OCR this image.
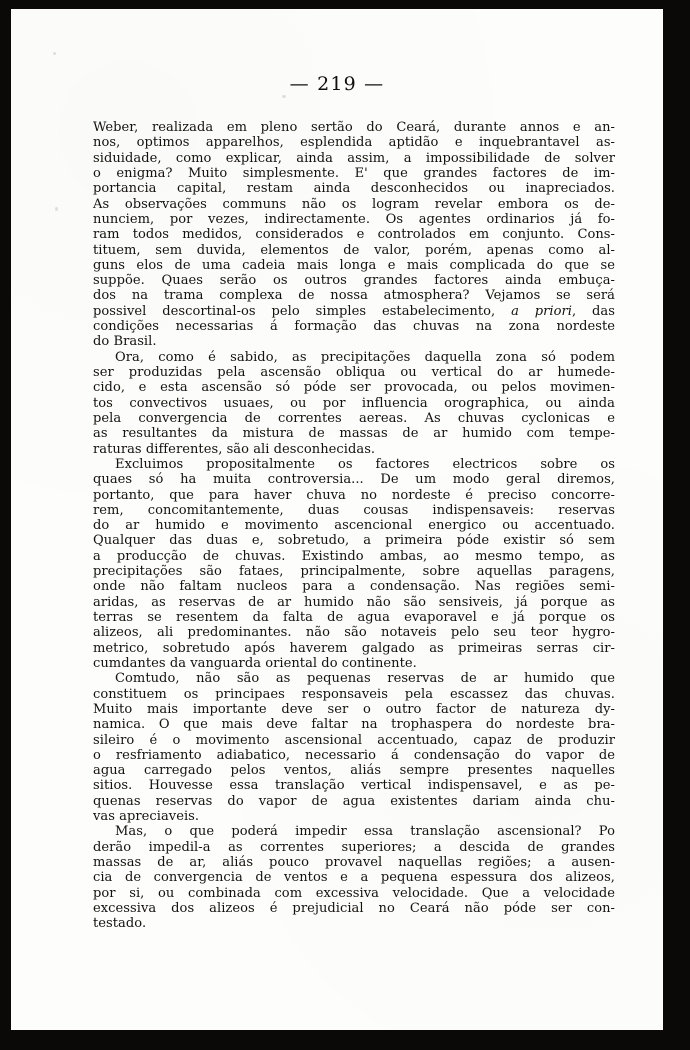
— 219 —
Weber, realizada em pleno sertão do Ceará, durante annos e an-
nos, optimos apparelhos, esplendida aptidão e inquebrantavel as-
siduidade, como explicar, ainda assim, a impossibilidade de solver
o enigma? Muito simplesmente. E' que grandes factores de im-
portancia capital, restam ainda desconhecidos ou inapreciados.
As observações communs não os logram revelar embora os de-
nunciem, por vezes, indirectamente. Os agentes ordinarios já fo-
ram todos medidos, considerados e controlados em conjunto. Cons-
tituem, sem duvida, elementos de valor, porém, apenas como al-
guns elos de uma cadeia mais longa e mais complicada do que se
suppõe. Quaes serão os outros grandes factores ainda embuça-
dos na trama complexa de nossa atmosphera? Vejamos se será
possivel descortinal-os pelo simples estabelecimento, a priori, das
condições necessarias á formação das chuvas na zona nordeste
do Brasil.
Ora, como é sabido, as precipitações daquella zona só podem
ser produzidas pela ascensão obliqua ou vertical do ar humede-
cido, e esta ascensão só póde ser provocada, ou pelos movimen-
tos convectivos usuaes, ou por influencia orographica, ou ainda
pela convergencia de correntes aereas. As chuvas cyclonicas e
as resultantes da mistura de massas de ar humido com tempe-
raturas differentes, são ali desconhecidas.
Excluimos propositalmente os factores electricos sobre os
quaes só ha muita controversia... De um modo geral diremos,
portanto, que para haver chuva no nordeste é preciso concorre-
rem, concomitantemente, duas cousas indispensaveis: reservas
do ar humido e movimento ascencional energico ou accentuado.
Qualquer das duas e, sobretudo, a primeira póde existir só sem
a producção de chuvas. Existindo ambas, ao mesmo tempo, as
precipitações são fataes, principalmente, sobre aquellas paragens,
onde não faltam nucleos para a condensação. Nas regiões semi-
aridas, as reservas de ar humido não são sensiveis, já porque as
terras se resentem da falta de agua evaporavel e já porque os
alizeos, ali predominantes. não são notaveis pelo seu teor hygro-
metrico, sobretudo após haverem galgado as primeiras serras cir-
cumdantes da vanguarda oriental do continente.
Comtudo, não são as pequenas reservas de ar humido que
constituem os principaes responsaveis pela escassez das chuvas.
Muito mais importante deve ser o outro factor de natureza dy-
namica. O que mais deve faltar na trophaspera do nordeste bra-
sileiro é o movimento ascensional accentuado, capaz de produzir
o resfriamento adiabatico, necessario á condensação do vapor de
agua carregado pelos ventos, aliás sempre presentes naquelles
sitios. Houvesse essa translação vertical indispensavel, e as pe-
quenas reservas do vapor de agua existentes dariam ainda chu-
vas apreciaveis.
Mas, o que poderá impedir essa translação ascensional? Po
derão impedil-a as correntes superiores; a descida de grandes
massas de ar, aliás pouco provavel naquellas regiões; a ausen-
cia de convergencia de ventos e a pequena espessura dos alizeos,
por si, ou combinada com excessiva velocidade. Que a velocidade
excessiva dos alizeos é prejudicial no Ceará não póde ser con-
testado.
